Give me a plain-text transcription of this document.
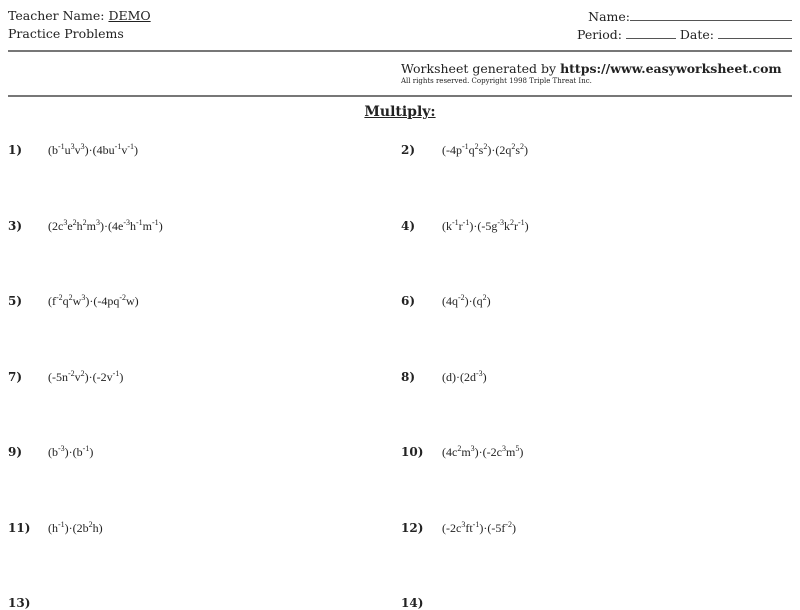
Teacher Name: DEMO
Practice Problems
Name:
Period:	Date:
Worksheet generated by https://www.easyworksheet.com
All rights reserved. Copyright 1998 Triple Threat Inc.
Multiply:
1) $(b^{-1}u^3v^3)\cdot(4bu^{-1}v^{-1})$	2) $(-4p^{-1}q^2s^2)\cdot(2q^2s^2)$
3) $(2c^3e^2h^2m^3)\cdot(4e^{-3}h^{-1}m^{-1})$	4) $(k^{-1}r^{-1})\cdot(-5g^{-3}k^2r^{-1})$
5) $(f^{-2}q^2w^3)\cdot(-4pq^{-2}w)$	6) $(4q^{-2})\cdot(q^2)$
7) $(-5n^{-2}v^2)\cdot(-2v^{-1})$	8) $(d)\cdot(2d^{-3})$
9) $(b^{-3})\cdot(b^{-1})$	10) $(4c^2m^3)\cdot(-2c^3m^5)$
11) $(h^{-1})\cdot(2b^2h)$	12) $(-2c^3ft^{-1})\cdot(-5f^{-2})$
13)	14)
